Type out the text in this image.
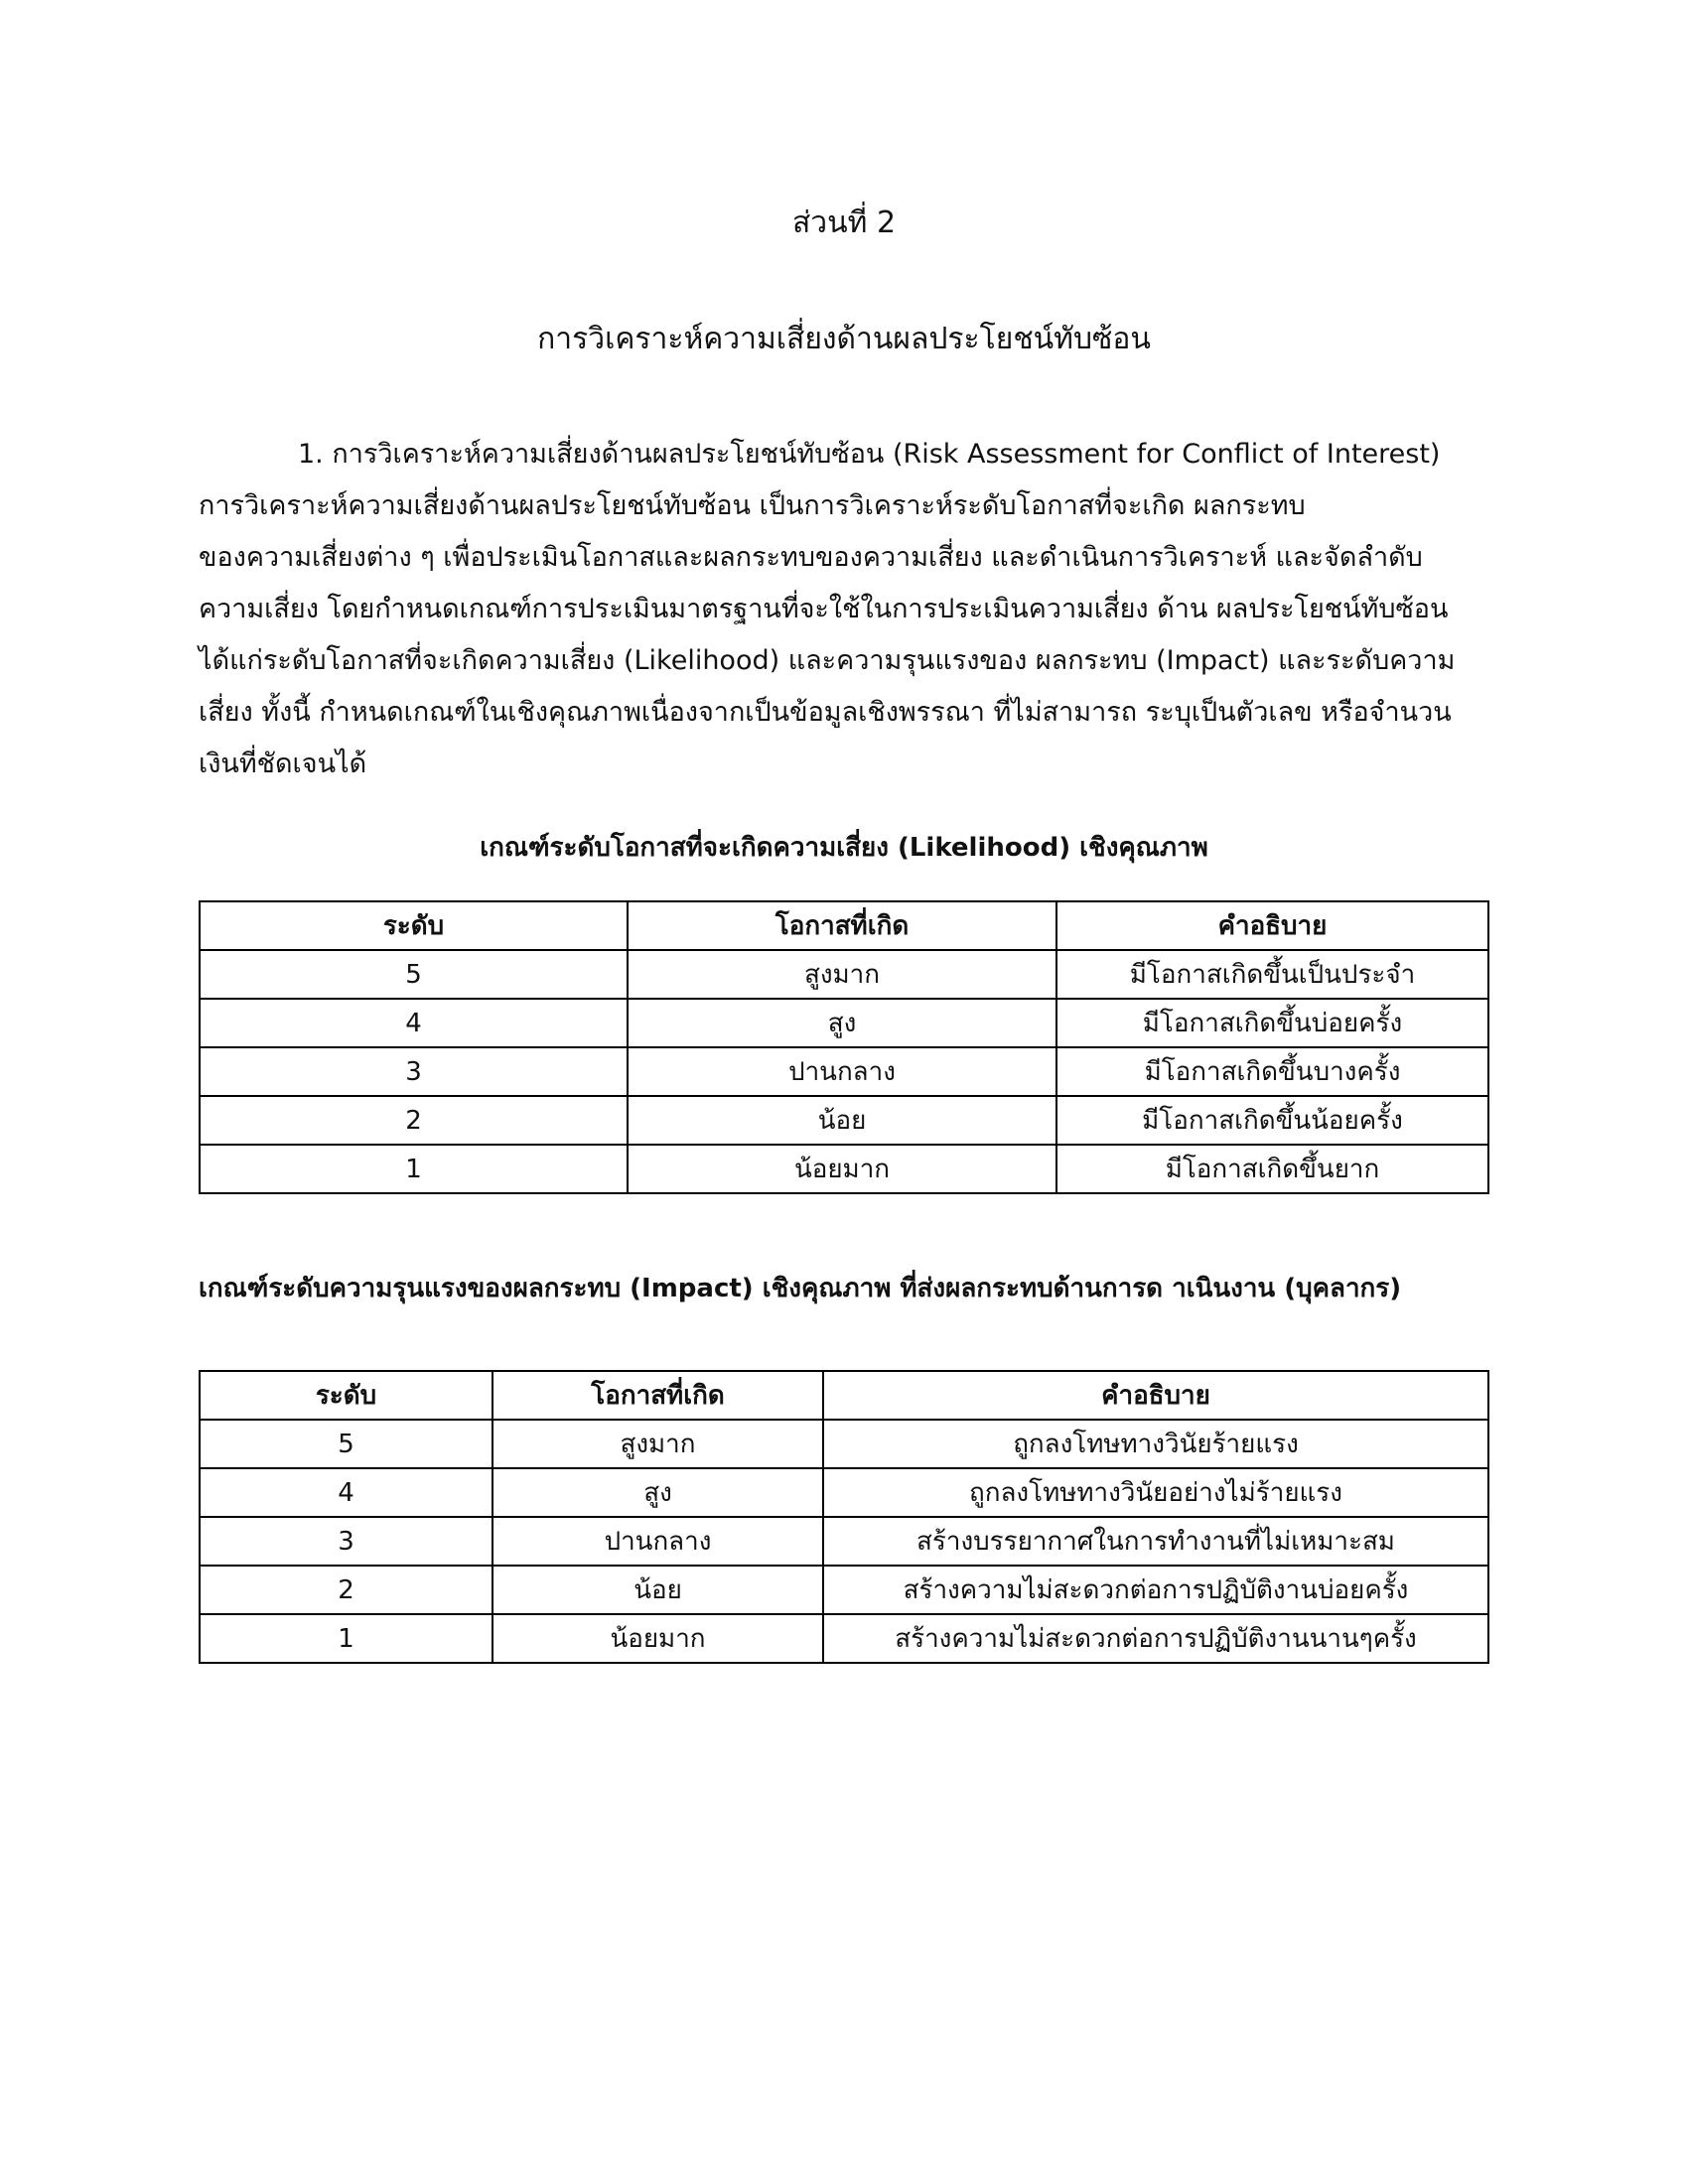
ส่วนที่ 2
การวิเคราะห์ความเสี่ยงด้านผลประโยชน์ทับซ้อน
1. การวิเคราะห์ความเสี่ยงด้านผลประโยชน์ทับซ้อน (Risk Assessment for Conflict of Interest)
การวิเคราะห์ความเสี่ยงด้านผลประโยชน์ทับซ้อน เป็นการวิเคราะห์ระดับโอกาสที่จะเกิด ผลกระทบ
ของความเสี่ยงต่าง ๆ เพื่อประเมินโอกาสและผลกระทบของความเสี่ยง และดำเนินการวิเคราะห์ และจัดลำดับ
ความเสี่ยง โดยกำหนดเกณฑ์การประเมินมาตรฐานที่จะใช้ในการประเมินความเสี่ยง ด้าน ผลประโยชน์ทับซ้อน
ได้แก่ระดับโอกาสที่จะเกิดความเสี่ยง (Likelihood) และความรุนแรงของ ผลกระทบ (Impact) และระดับความ
เสี่ยง ทั้งนี้ กำหนดเกณฑ์ในเชิงคุณภาพเนื่องจากเป็นข้อมูลเชิงพรรณา ที่ไม่สามารถ ระบุเป็นตัวเลข หรือจำนวน
เงินที่ชัดเจนได้
เกณฑ์ระดับโอกาสที่จะเกิดความเสี่ยง (Likelihood) เชิงคุณภาพ
ระดับ	โอกาสที่เกิด	คำอธิบาย
5	สูงมาก	มีโอกาสเกิดขึ้นเป็นประจำ
4	สูง	มีโอกาสเกิดขึ้นบ่อยครั้ง
3	ปานกลาง	มีโอกาสเกิดขึ้นบางครั้ง
2	น้อย	มีโอกาสเกิดขึ้นน้อยครั้ง
1	น้อยมาก	มีโอกาสเกิดขึ้นยาก
เกณฑ์ระดับความรุนแรงของผลกระทบ (Impact) เชิงคุณภาพ ที่ส่งผลกระทบด้านการด าเนินงาน (บุคลากร)
ระดับ	โอกาสที่เกิด	คำอธิบาย
5	สูงมาก	ถูกลงโทษทางวินัยร้ายแรง
4	สูง	ถูกลงโทษทางวินัยอย่างไม่ร้ายแรง
3	ปานกลาง	สร้างบรรยากาศในการทำงานที่ไม่เหมาะสม
2	น้อย	สร้างความไม่สะดวกต่อการปฏิบัติงานบ่อยครั้ง
1	น้อยมาก	สร้างความไม่สะดวกต่อการปฏิบัติงานนานๆครั้ง
